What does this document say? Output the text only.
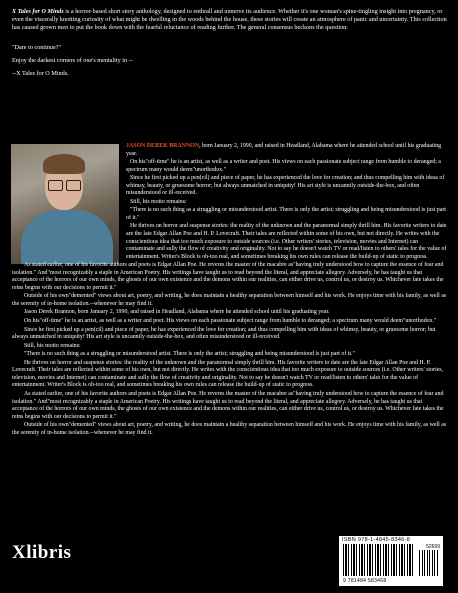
X Tales for O Minds is a horror-based short story anthology, designed to enthrall and unnerve its audience. Whether it's one woman's spine-tingling insight into pregnancy, or even the viscerally knotting curiosity of what might be dwelling in the woods behind the house, these stories will create an atmosphere of panic and uncertainty. This collection has caused grown men to put the book down with the fearful reluctance of reading further. The general consensus beckons the question:

"Dare to continue?"

Enjoy the darkest corners of one's mentality in --

--X Tales for O Minds.

JASON DEREK BRANNON, born January 2, 1990, and raised in Headland, Alabama where he attended school until his graduating year.

On his"off-time" he is an artist, as well as a writer and poet. His views on each passionate subject range from humble to deranged; a spectrum many would deem"unorthodox."

Since he first picked up a pen(cil) and piece of paper, he has experienced the love for creation; and thus compelling him with ideas of whimsy, beauty, or gruesome horror; but always unmatched in uniquity! His art style is uncannily outside-the-box, and often misunderstood or ill-received.

Still, his motto remains:

"There is no such thing as a struggling or misunderstood artist. There is only the artist; struggling and being misunderstood is just part of it."

He thrives on horror and suspense stories: the reality of the unknown and the paranormal simply thrill him. His favorite writers to date are the late Edgar Allan Poe and H. P. Lovecraft. Their tales are reflected within some of his own, but not directly. He writes with the conscientious idea that too much exposure to outside sources (i.e. Other writers' stories, television, movies and Internet) can contaminate and sully the flow of creativity and originality. Not to say he doesn't watch TV or read/listen to others' tales for the value of entertainment. Writer's Block is oh-too real, and sometimes breaking his own rules can release the build-up of static to progress.

As stated earlier, one of his favorite authors and poets is Edgar Allan Poe. He reveres the master of the macabre as"having truly understood how to capture the essence of fear and isolation." And"most recognizably a staple in American Poetry. His writings have taught us to read beyond the literal, and appreciate allegory. Adversely, he has taught us that acceptance of the horrors of our own minds, the ghosts of our own existence and the demons within our realities, can either drive us, control us, or destroy us. Whichever fate takes the reins begins with our decisions to permit it."

Outside of his own"demented" views about art, poetry, and writing, he does maintain a healthy separation between himself and his work. He enjoys time with his family, as well as the serenity of in-home isolation.--whenever he may find it.

Jason Derek Brannon, born January 2, 1990, and raised in Headland, Alabama where he attended school until his graduating year.

On his"off-time" he is an artist, as well as a writer and poet. His views on each passionate subject range from humble to deranged; a spectrum many would deem"unorthodox."

Since he first picked up a pen(cil) and piece of paper, he has experienced the love for creation; and thus compelling him with ideas of whimsy, beauty, or gruesome horror; but always unmatched in uniquity! His art style is uncannily outside-the-box, and often misunderstood or ill-received.

Still, his motto remains:

"There is no such thing as a struggling or misunderstood artist. There is only the artist; struggling and being misunderstood is just part of it."

He thrives on horror and suspense stories: the reality of the unknown and the paranormal simply thrill him. His favorite writers to date are the late Edgar Allan Poe and H. P. Lovecraft. Their tales are reflected within some of his own, but not directly. He writes with the conscientious idea that too much exposure to outside sources (i.e. Other writers' stories, television, movies and Internet) can contaminate and sully the flow of creativity and originality. Not to say he doesn't watch TV or read/listen to others' tales for the value of entertainment. Writer's Block is oh-too real, and sometimes breaking his own rules can release the build-up of static to progress.

As stated earlier, one of his favorite authors and poets is Edgar Allan Poe. He reveres the master of the macabre as"having truly understood how to capture the essence of fear and isolation." And"most recognizably a staple in American Poetry. His writings have taught us to read beyond the literal, and appreciate allegory. Adversely, he has taught us that acceptance of the horrors of our own minds, the ghosts of our own existence and the demons within our realities, can either drive us, control us, or destroy us. Whichever fate takes the reins begins with our decisions to permit it."

Outside of his own"demented" views about art, poetry, and writing, he does maintain a healthy separation between himself and his work. He enjoys time with his family, as well as the serenity of in-home isolation.--whenever he may find it.

Xlibris
ISBN 978-1-4845-8346-8
52699
9 781484 583468
